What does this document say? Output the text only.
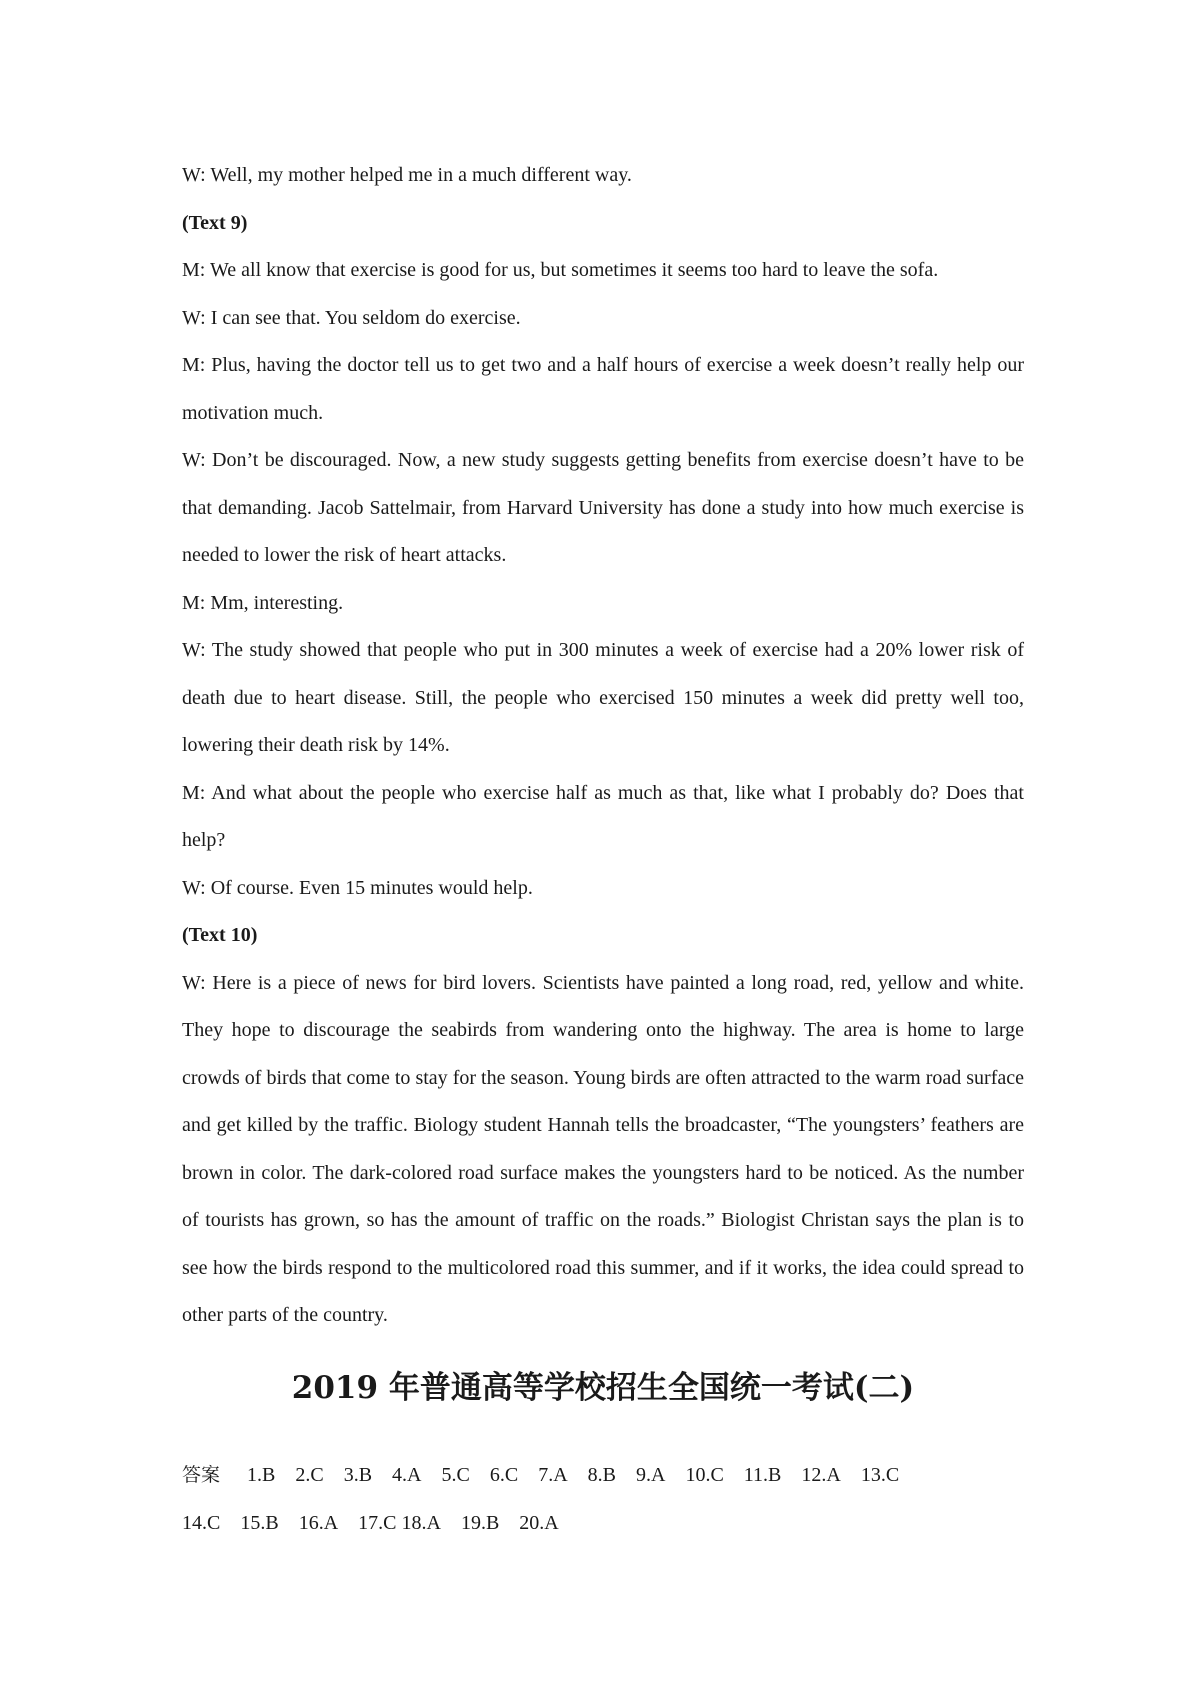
W: Well, my mother helped me in a much different way.
(Text 9)
M: We all know that exercise is good for us, but sometimes it seems too hard to leave the sofa.
W: I can see that. You seldom do exercise.
M: Plus, having the doctor tell us to get two and a half hours of exercise a week doesn’t really help our motivation much.
W: Don’t be discouraged. Now, a new study suggests getting benefits from exercise doesn’t have to be that demanding. Jacob Sattelmair, from Harvard University has done a study into how much exercise is needed to lower the risk of heart attacks.
M: Mm, interesting.
W: The study showed that people who put in 300 minutes a week of exercise had a 20% lower risk of death due to heart disease. Still, the people who exercised 150 minutes a week did pretty well too, lowering their death risk by 14%.
M: And what about the people who exercise half as much as that, like what I probably do? Does that help?
W: Of course. Even 15 minutes would help.
(Text 10)
W: Here is a piece of news for bird lovers. Scientists have painted a long road, red, yellow and white. They hope to discourage the seabirds from wandering onto the highway. The area is home to large crowds of birds that come to stay for the season. Young birds are often attracted to the warm road surface and get killed by the traffic. Biology student Hannah tells the broadcaster, “The youngsters’ feathers are brown in color. The dark-colored road surface makes the youngsters hard to be noticed. As the number of tourists has grown, so has the amount of traffic on the roads.” Biologist Christan says the plan is to see how the birds respond to the multicolored road this summer, and if it works, the idea could spread to other parts of the country.
2019 年普通高等学校招生全国统一考试(二)
答案 1.B 2.C 3.B 4.A 5.C 6.C 7.A 8.B 9.A 10.C 11.B 12.A 13.C
14.C 15.B 16.A 17.C 18.A 19.B 20.A
